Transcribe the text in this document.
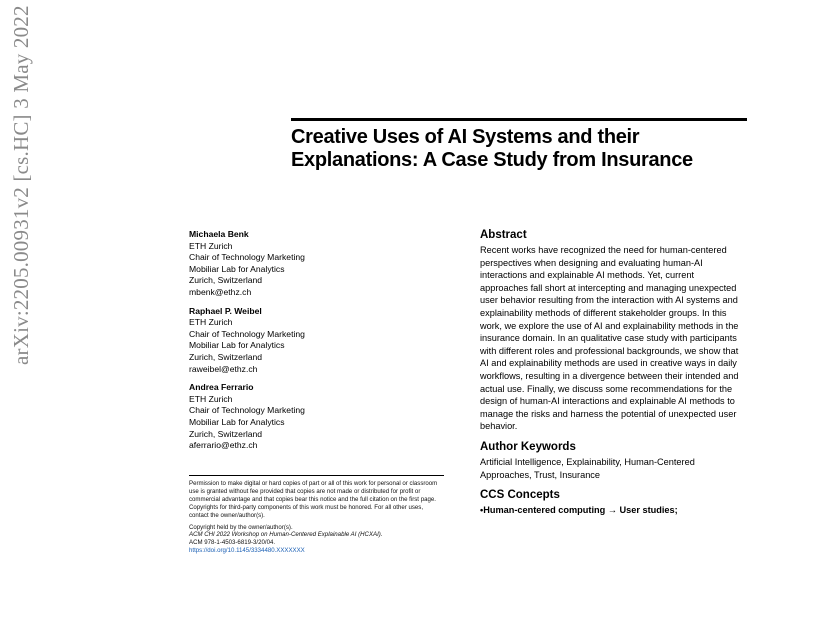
arXiv:2205.00931v2 [cs.HC] 3 May 2022	Creative Uses of AI Systems and their Explanations: A Case Study from Insurance
Michaela Benk
ETH Zurich
Chair of Technology Marketing
Mobiliar Lab for Analytics
Zurich, Switzerland
mbenk@ethz.ch
Raphael P. Weibel
ETH Zurich
Chair of Technology Marketing
Mobiliar Lab for Analytics
Zurich, Switzerland
raweibel@ethz.ch
Andrea Ferrario
ETH Zurich
Chair of Technology Marketing
Mobiliar Lab for Analytics
Zurich, Switzerland
aferrario@ethz.ch

Permission to make digital or hard copies of part or all of this work for personal or classroom use is granted without fee provided that copies are not made or distributed for profit or commercial advantage and that copies bear this notice and the full citation on the first page. Copyrights for third-party components of this work must be honored. For all other uses, contact the owner/author(s).

Copyright held by the owner/author(s).
ACM CHI 2022 Workshop on Human-Centered Explainable AI (HCXAI).
ACM 978-1-4503-6819-3/20/04.
https://doi.org/10.1145/3334480.XXXXXXX
Abstract

Recent works have recognized the need for human-centered perspectives when designing and evaluating human-AI interactions and explainable AI methods. Yet, current approaches fall short at intercepting and managing unexpected user behavior resulting from the interaction with AI systems and explainability methods of different stakeholder groups. In this work, we explore the use of AI and explainability methods in the insurance domain. In an qualitative case study with participants with different roles and professional backgrounds, we show that AI and explainability methods are used in creative ways in daily workflows, resulting in a divergence between their intended and actual use. Finally, we discuss some recommendations for the design of human-AI interactions and explainable AI methods to manage the risks and harness the potential of unexpected user behavior.

Author Keywords

Artificial Intelligence, Explainability, Human-Centered Approaches, Trust, Insurance

CCS Concepts

•Human-centered computing → User studies;
